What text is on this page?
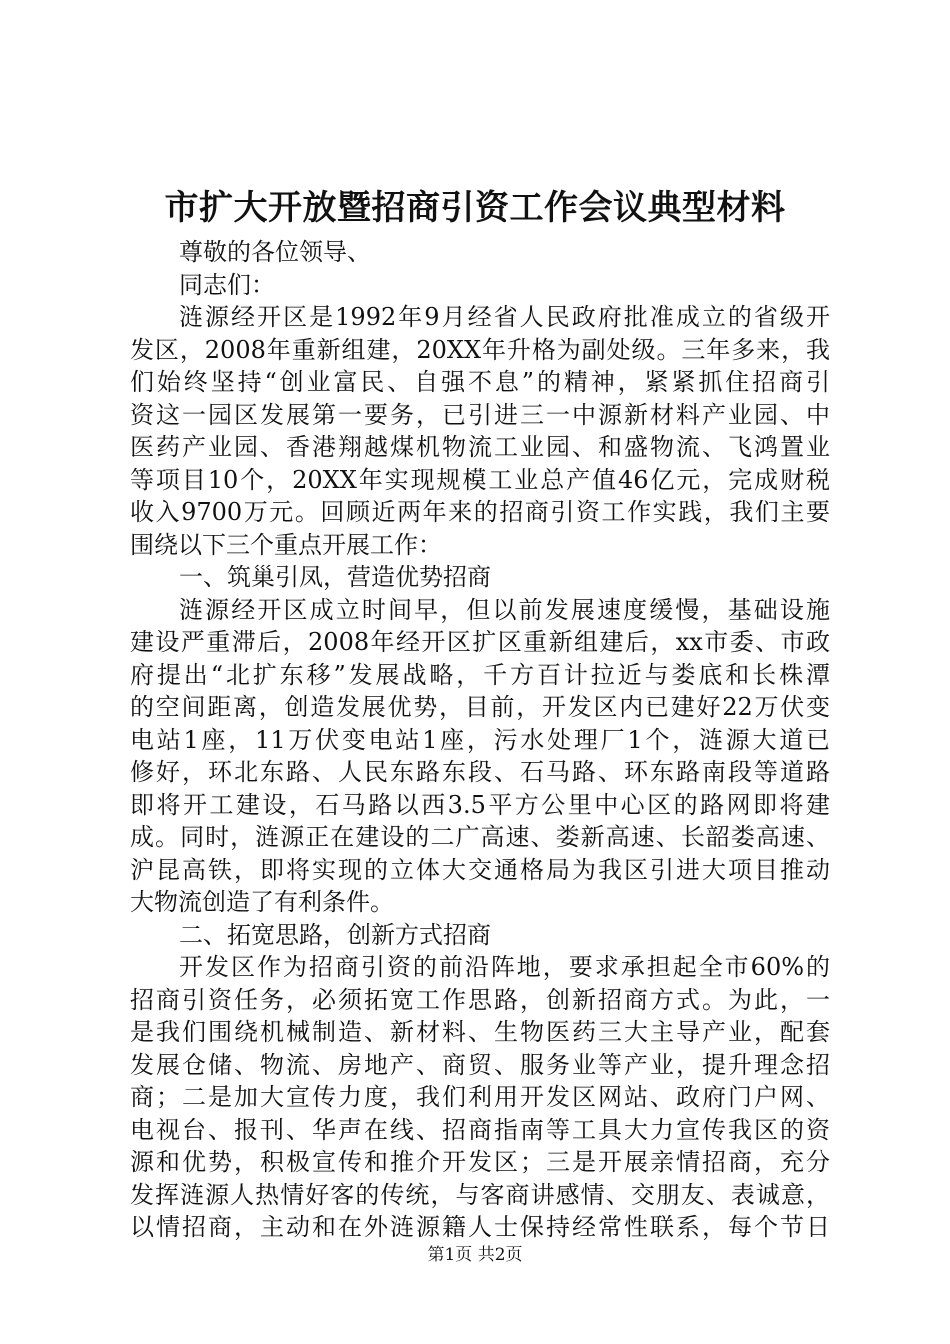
市扩大开放暨招商引资工作会议典型材料
尊敬的各位领导、
同志们：
涟源经开区是1992年9月经省人民政府批准成立的省级开
发区，2008年重新组建，20XX年升格为副处级。三年多来，我
们始终坚持“创业富民、自强不息”的精神，紧紧抓住招商引
资这一园区发展第一要务，已引进三一中源新材料产业园、中
医药产业园、香港翔越煤机物流工业园、和盛物流、飞鸿置业
等项目10个，20XX年实现规模工业总产值46亿元，完成财税
收入9700万元。回顾近两年来的招商引资工作实践，我们主要
围绕以下三个重点开展工作：
一、筑巢引凤，营造优势招商
涟源经开区成立时间早，但以前发展速度缓慢，基础设施
建设严重滞后，2008年经开区扩区重新组建后，xx市委、市政
府提出“北扩东移”发展战略，千方百计拉近与娄底和长株潭
的空间距离，创造发展优势，目前，开发区内已建好22万伏变
电站1座，11万伏变电站1座，污水处理厂1个，涟源大道已
修好，环北东路、人民东路东段、石马路、环东路南段等道路
即将开工建设，石马路以西3.5平方公里中心区的路网即将建
成。同时，涟源正在建设的二广高速、娄新高速、长韶娄高速、
沪昆高铁，即将实现的立体大交通格局为我区引进大项目推动
大物流创造了有利条件。
二、拓宽思路，创新方式招商
开发区作为招商引资的前沿阵地，要求承担起全市60%的
招商引资任务，必须拓宽工作思路，创新招商方式。为此，一
是我们围绕机械制造、新材料、生物医药三大主导产业，配套
发展仓储、物流、房地产、商贸、服务业等产业，提升理念招
商；二是加大宣传力度，我们利用开发区网站、政府门户网、
电视台、报刊、华声在线、招商指南等工具大力宣传我区的资
源和优势，积极宣传和推介开发区；三是开展亲情招商，充分
发挥涟源人热情好客的传统，与客商讲感情、交朋友、表诚意，
以情招商，主动和在外涟源籍人士保持经常性联系，每个节日
第1页 共2页
